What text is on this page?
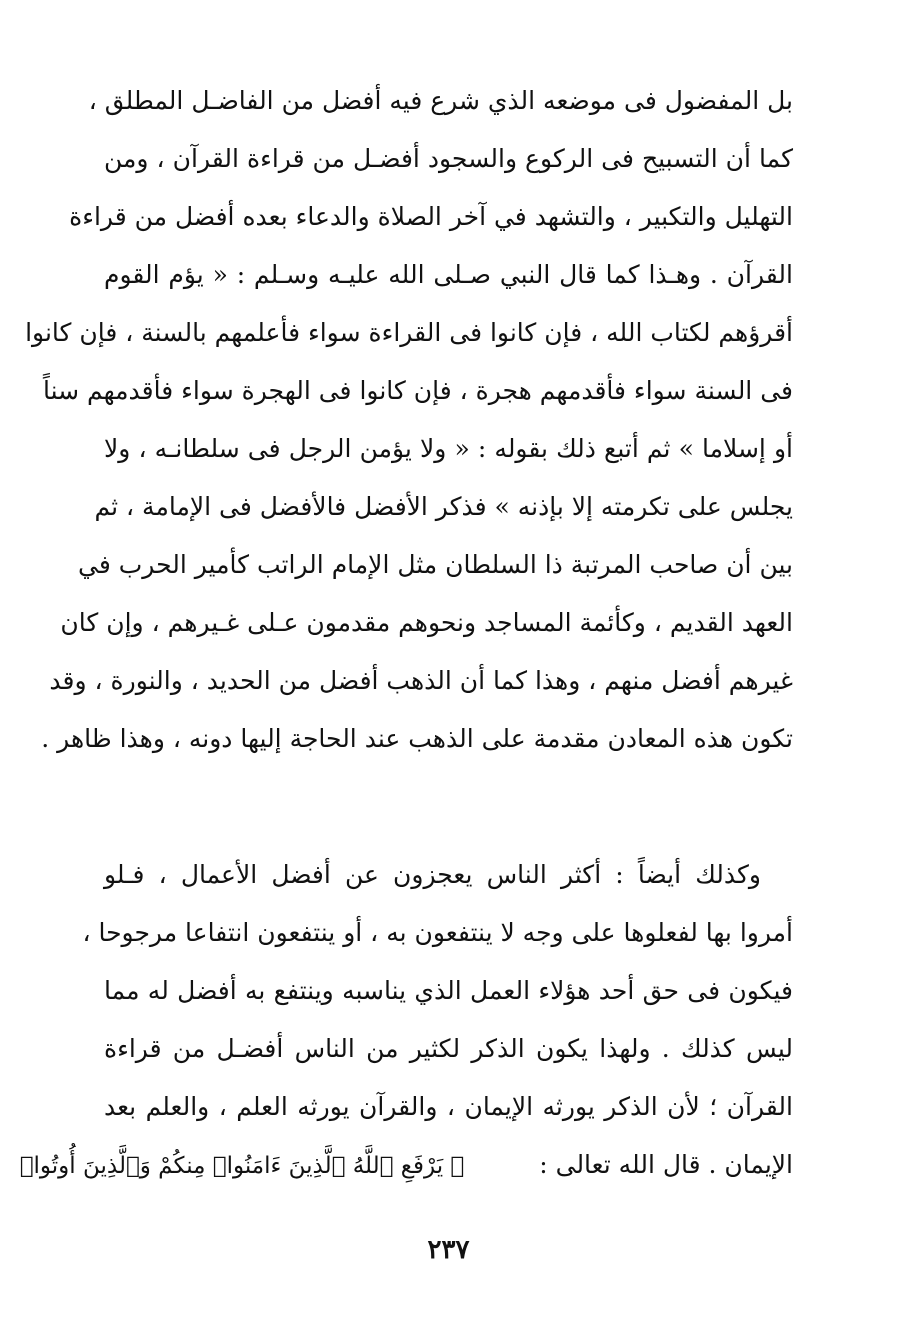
بل المفضول فى موضعه الذي شرع فيه أفضل من الفاضـل المطلق ،
كما أن التسبيح فى الركوع والسجود أفضـل من قراءة القرآن ، ومن
التهليل والتكبير ، والتشهد في آخر الصلاة والدعاء بعده أفضل من قراءة
القرآن . وهـذا كما قال النبي صـلى الله عليـه وسـلم : « يؤم القوم
أقرؤهم لكتاب الله ، فإن كانوا فى القراءة سواء فأعلمهم بالسنة ، فإن كانوا
فى السنة سواء فأقدمهم هجرة ، فإن كانوا فى الهجرة سواء فأقدمهم سناً
أو إسلاما » ثم أتبع ذلك بقوله : « ولا يؤمن الرجل فى سلطانـه ، ولا
يجلس على تكرمته إلا بإذنه » فذكر الأفضل فالأفضل فى الإمامة ، ثم
بين أن صاحب المرتبة ذا السلطان مثل الإمام الراتب كأمير الحرب في
العهد القديم ، وكأئمة المساجد ونحوهم مقدمون عـلى غـيرهم ، وإن كان
غيرهم أفضل منهم ، وهذا كما أن الذهب أفضل من الحديد ، والنورة ، وقد
تكون هذه المعادن مقدمة على الذهب عند الحاجة إليها دونه ، وهذا ظاهر .
وكذلك أيضاً : أكثر الناس يعجزون عن أفضل الأعمال ، فـلو
أمروا بها لفعلوها على وجه لا ينتفعون به ، أو ينتفعون انتفاعا مرجوحا ،
فيكون فى حق أحد هؤلاء العمل الذي يناسبه وينتفع به أفضل له مما
ليس كذلك . ولهذا يكون الذكر لكثير من الناس أفضـل من قراءة
القرآن ؛ لأن الذكر يورثه الإيمان ، والقرآن يورثه العلم ، والعلم بعد
الإيمان . قال الله تعالى :   ﴿ يَرْفَعِ ٱللَّهُ ٱلَّذِينَ ءَامَنُوا۟ مِنكُمْ وَٱلَّذِينَ أُوتُوا۟
٢٣٧
